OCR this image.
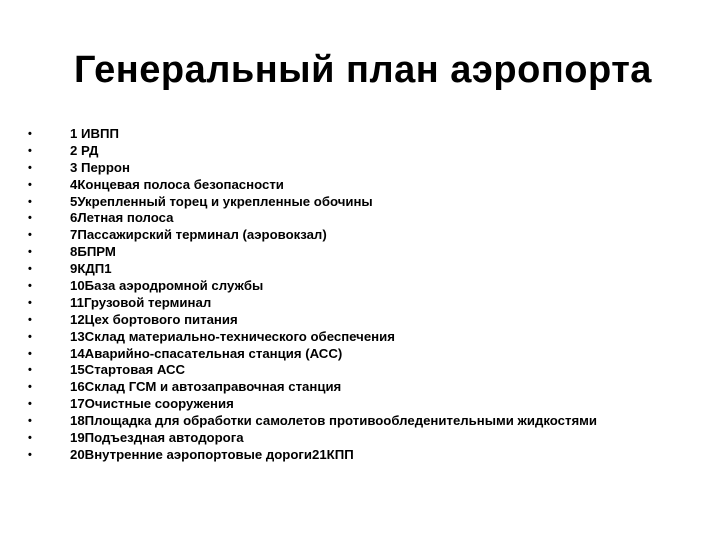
Генеральный план аэропорта
•	1 ИВПП
•	2 РД
•	3 Перрон
•	4Концевая полоса безопасности
•	5Укрепленный торец и укрепленные обочины
•	6Летная полоса
•	7Пассажирский терминал (аэровокзал)
•	8БПРМ
•	9КДП1
•	10База аэродромной службы
•	11Грузовой терминал
•	12Цех бортового питания
•	13Склад материально-технического обеспечения
•	14Аварийно-спасательная станция (АСС)
•	15Стартовая АСС
•	16Склад ГСМ и автозаправочная станция
•	17Очистные сооружения
•	18Площадка для обработки самолетов противообледенительными жидкостями
•	19Подъездная автодорога
•	20Внутренние аэропортовые дороги21КПП
